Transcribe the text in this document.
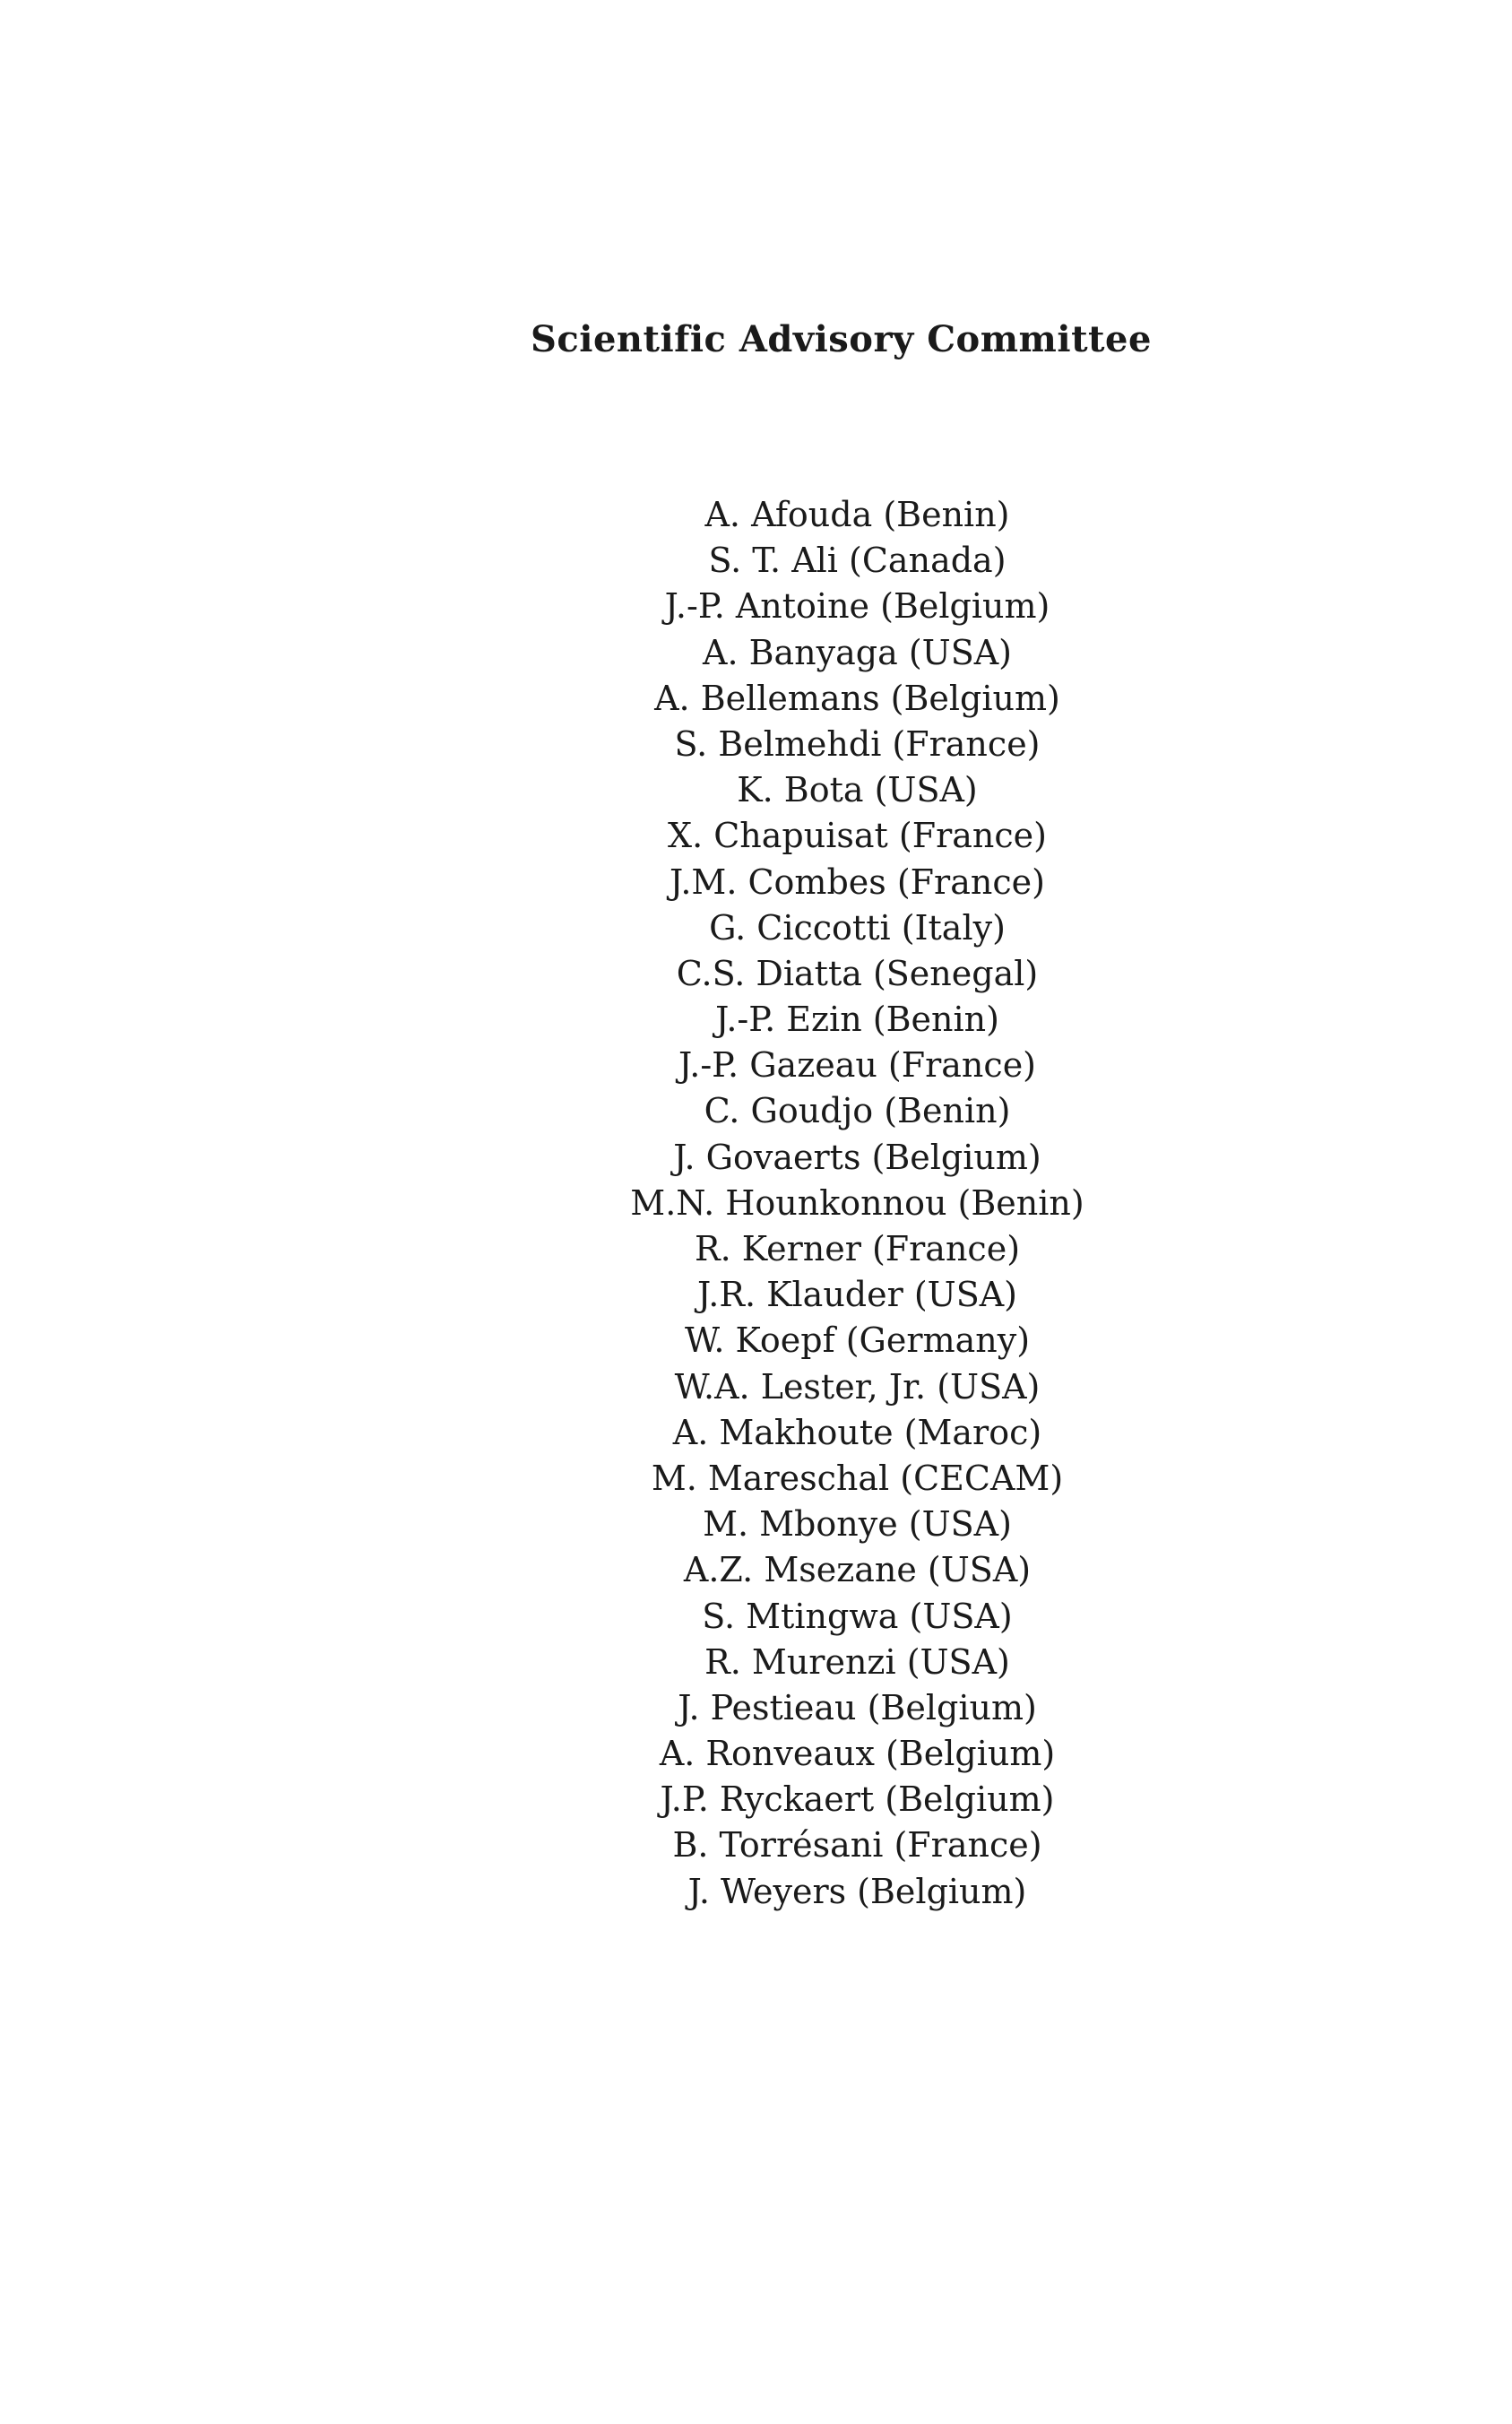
Scientific Advisory Committee
A. Afouda (Benin)
S. T. Ali (Canada)
J.-P. Antoine (Belgium)
A. Banyaga (USA)
A. Bellemans (Belgium)
S. Belmehdi (France)
K. Bota (USA)
X. Chapuisat (France)
J.M. Combes (France)
G. Ciccotti (Italy)
C.S. Diatta (Senegal)
J.-P. Ezin (Benin)
J.-P. Gazeau (France)
C. Goudjo (Benin)
J. Govaerts (Belgium)
M.N. Hounkonnou (Benin)
R. Kerner (France)
J.R. Klauder (USA)
W. Koepf (Germany)
W.A. Lester, Jr. (USA)
A. Makhoute (Maroc)
M. Mareschal (CECAM)
M. Mbonye (USA)
A.Z. Msezane (USA)
S. Mtingwa (USA)
R. Murenzi (USA)
J. Pestieau (Belgium)
A. Ronveaux (Belgium)
J.P. Ryckaert (Belgium)
B. Torrésani (France)
J. Weyers (Belgium)
